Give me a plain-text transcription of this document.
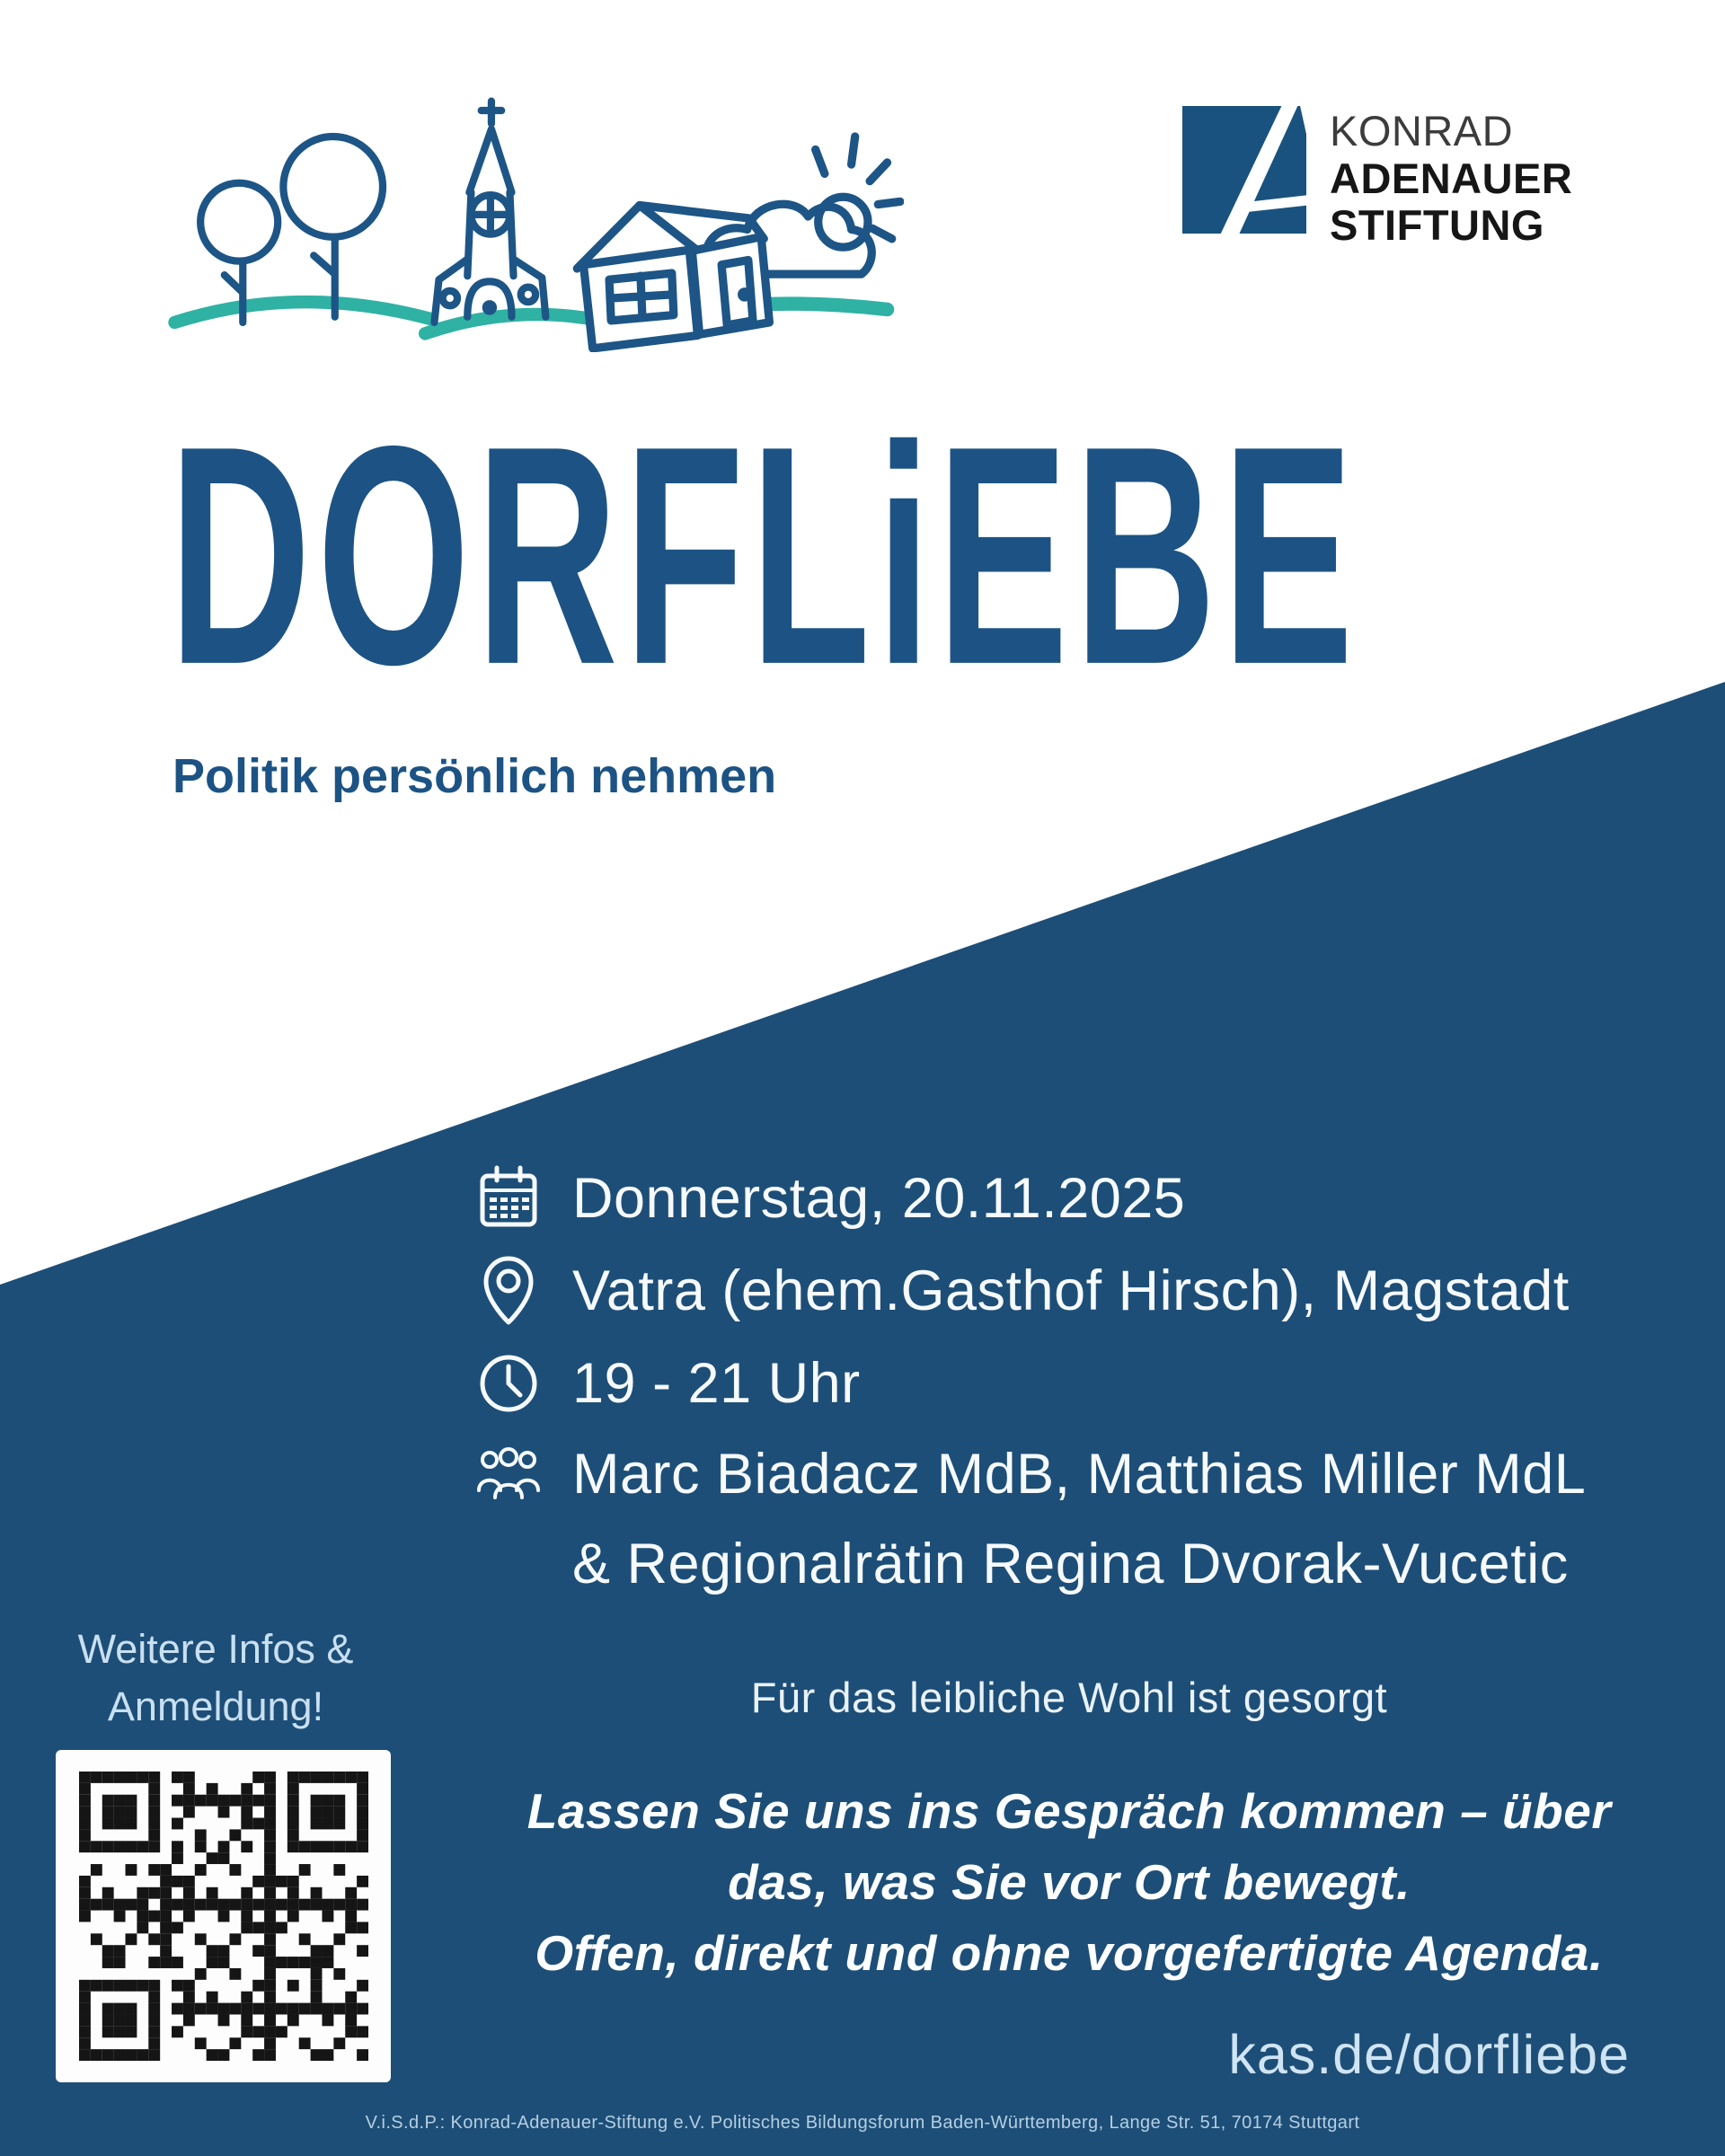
KONRAD
ADENAUER
STIFTUNG
DORFLiEBE
Politik persönlich nehmen
Donnerstag, 20.11.2025
Vatra (ehem.Gasthof Hirsch), Magstadt
19 - 21 Uhr
Marc Biadacz MdB, Matthias Miller MdL
& Regionalrätin Regina Dvorak-Vucetic
Weitere Infos &
Anmeldung!	Für das leibliche Wohl ist gesorgt
Lassen Sie uns ins Gespräch kommen – über
das, was Sie vor Ort bewegt.
Offen, direkt und ohne vorgefertigte Agenda.
kas.de/dorfliebe
V.i.S.d.P.: Konrad-Adenauer-Stiftung e.V. Politisches Bildungsforum Baden-Württemberg, Lange Str. 51, 70174 Stuttgart
